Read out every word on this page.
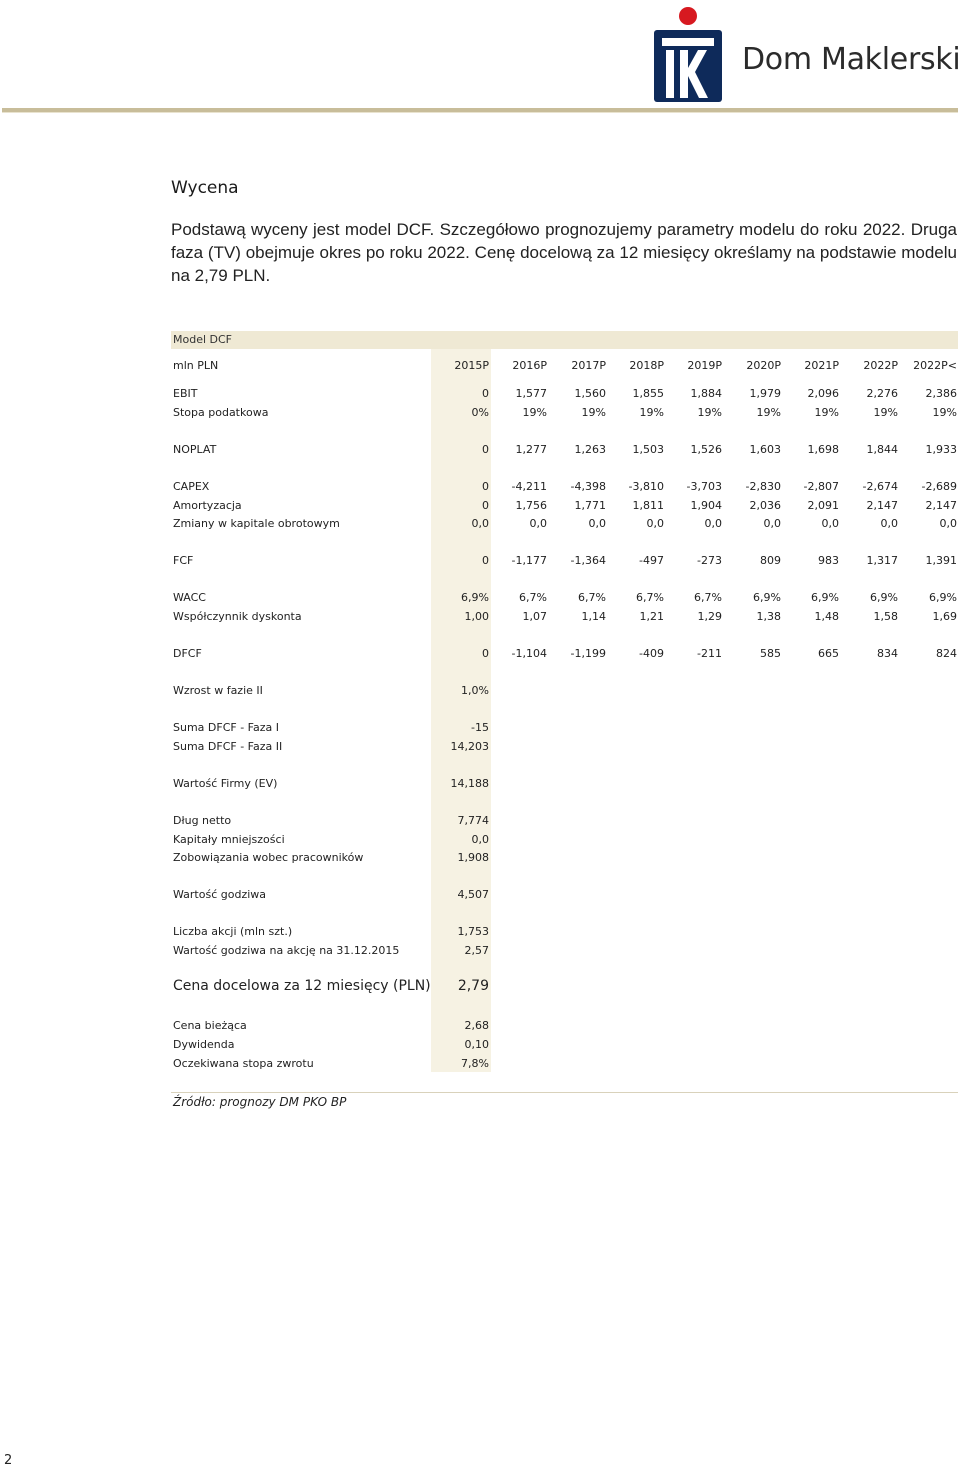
Dom Maklerski
Wycena
Podstawą wyceny jest model DCF. Szczegółowo prognozujemy parametry modelu do roku 2022. Druga faza (TV) obejmuje okres po roku 2022. Cenę docelową za 12 miesięcy określamy na podstawie modelu na 2,79 PLN.
Model DCF
mln PLN	2015P	2016P	2017P	2018P	2019P	2020P	2021P	2022P	2022P<
EBIT	0	1,577	1,560	1,855	1,884	1,979	2,096	2,276	2,386
Stopa podatkowa	0%	19%	19%	19%	19%	19%	19%	19%	19%
NOPLAT	0	1,277	1,263	1,503	1,526	1,603	1,698	1,844	1,933
CAPEX	0	-4,211	-4,398	-3,810	-3,703	-2,830	-2,807	-2,674	-2,689
Amortyzacja	0	1,756	1,771	1,811	1,904	2,036	2,091	2,147	2,147
Zmiany w kapitale obrotowym	0,0	0,0	0,0	0,0	0,0	0,0	0,0	0,0	0,0
FCF	0	-1,177	-1,364	-497	-273	809	983	1,317	1,391
WACC	6,9%	6,7%	6,7%	6,7%	6,7%	6,9%	6,9%	6,9%	6,9%
Współczynnik dyskonta	1,00	1,07	1,14	1,21	1,29	1,38	1,48	1,58	1,69
DFCF	0	-1,104	-1,199	-409	-211	585	665	834	824
Wzrost w fazie II	1,0%
Suma DFCF - Faza I	-15
Suma DFCF - Faza II	14,203
Wartość Firmy (EV)	14,188
Dług netto	7,774
Kapitały mniejszości	0,0
Zobowiązania wobec pracowników	1,908
Wartość godziwa	4,507
Liczba akcji (mln szt.)	1,753
Wartość godziwa na akcję na 31.12.2015	2,57
Cena docelowa za 12 miesięcy (PLN)	2,79
Cena bieżąca	2,68
Dywidenda	0,10
Oczekiwana stopa zwrotu	7,8%
Źródło: prognozy DM PKO BP
2
